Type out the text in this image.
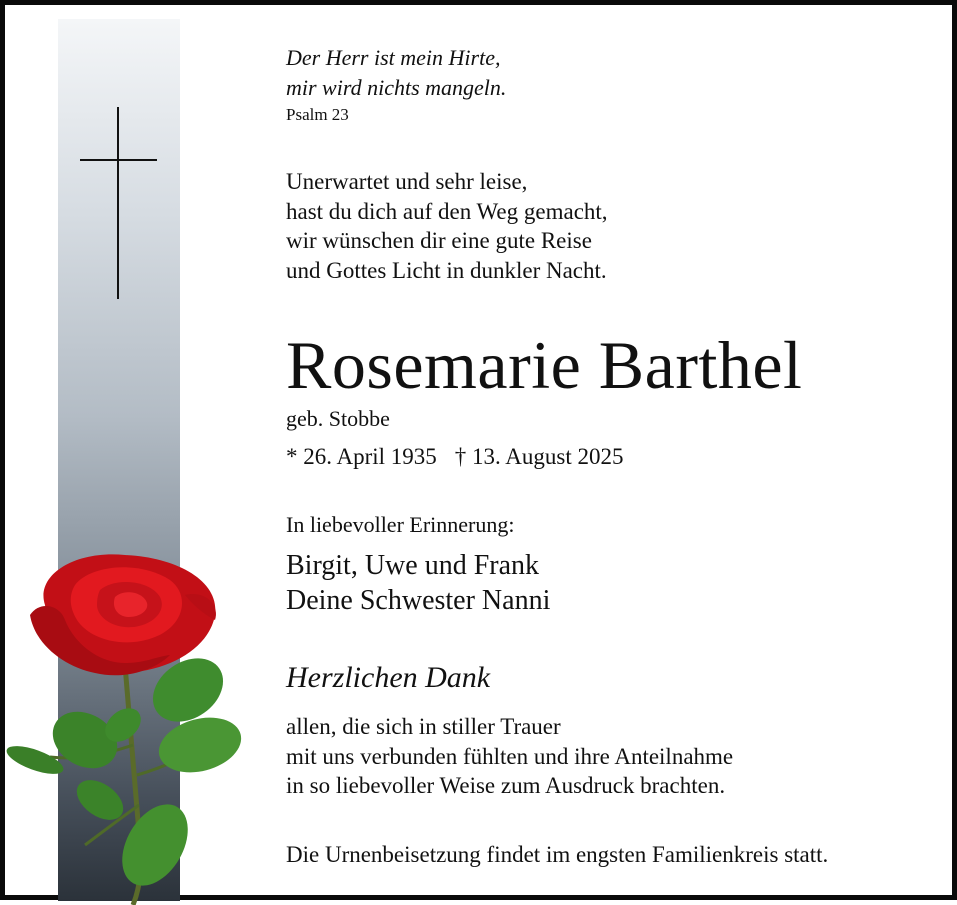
Der Herr ist mein Hirte,
mir wird nichts mangeln.
Psalm 23
Unerwartet und sehr leise,
hast du dich auf den Weg gemacht,
wir wünschen dir eine gute Reise
und Gottes Licht in dunkler Nacht.
Rosemarie Barthel
geb. Stobbe
* 26. April 1935 † 13. August 2025
In liebevoller Erinnerung:
Birgit, Uwe und Frank
Deine Schwester Nanni
Herzlichen Dank
allen, die sich in stiller Trauer
mit uns verbunden fühlten und ihre Anteilnahme
in so liebevoller Weise zum Ausdruck brachten.
Die Urnenbeisetzung findet im engsten Familienkreis statt.
